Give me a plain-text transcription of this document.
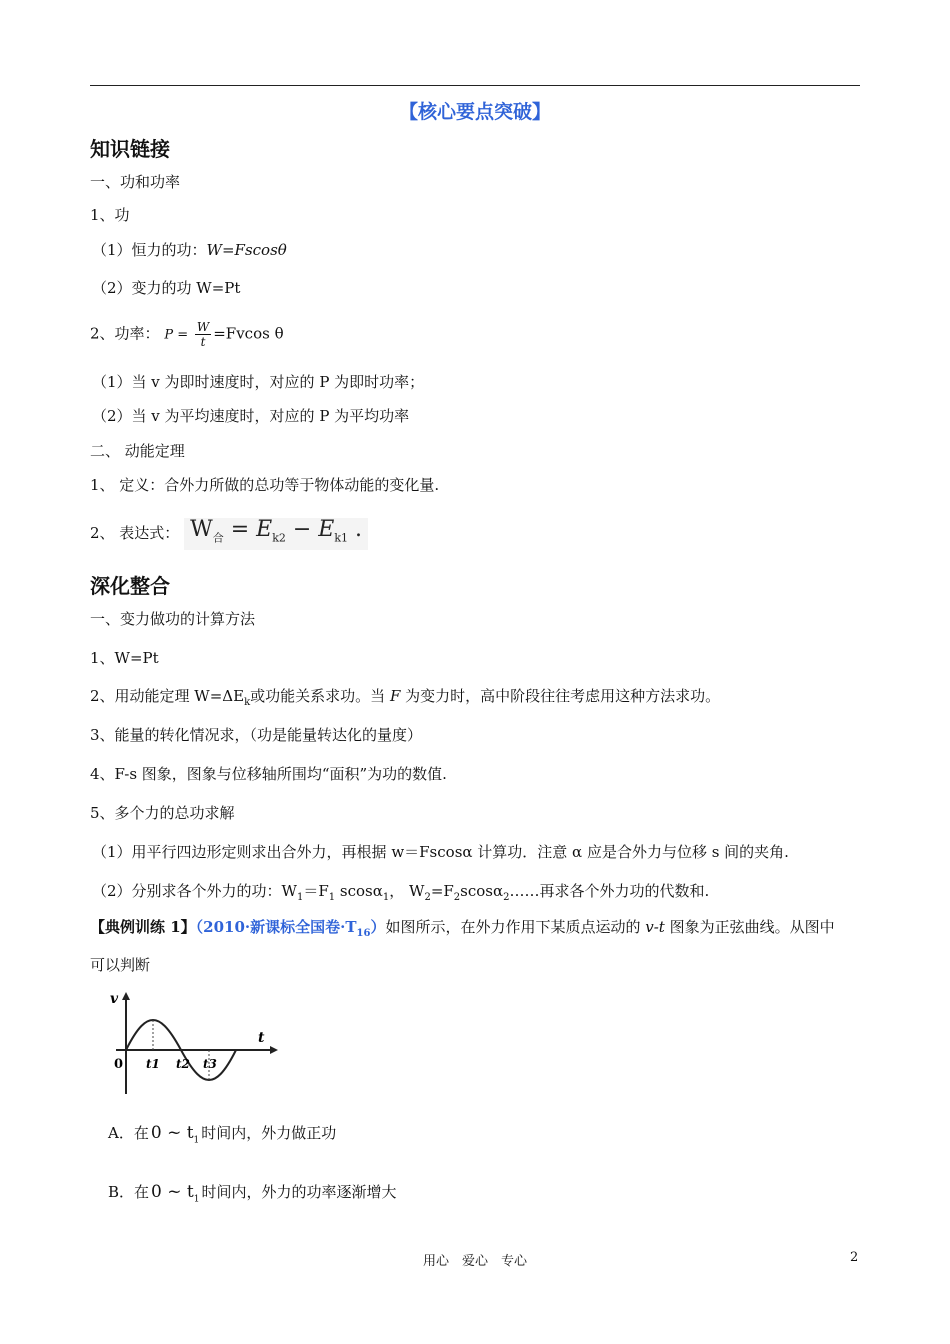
【核心要点突破】
知识链接
一、功和功率
1、功
（1）恒力的功：W=Fscosθ
（2）变力的功 W=Pt
2、功率： $P = \frac{W}{t} =Fvcos$ θ
（1）当 v 为即时速度时，对应的 P 为即时功率；
（2）当 v 为平均速度时，对应的 P 为平均功率
二、 动能定理
1、 定义：合外力所做的总功等于物体动能的变化量.
2、 表达式： $W_合 = E_{k2} - E_{k1}$ .
深化整合
一、变力做功的计算方法
1、W=Pt
2、用动能定理 $W=\Delta E_k$或功能关系求功。当 F 为变力时，高中阶段往往考虑用这种方法求功。
3、能量的转化情况求，（功是能量转达化的量度）
4、F-s 图象，图象与位移轴所围均“面积”为功的数值.
5、多个力的总功求解
（1）用平行四边形定则求出合外力，再根据 w＝Fscosα 计算功．注意 α 应是合外力与位移 s 间的夹角.
（2）分别求各个外力的功：$W_1=F_1$ scosα$_1$， $W_2=F_2scos\alpha_2\dots\dots$再求各个外力功的代数和.
【典例训练 1】（2010·新课标全国卷$\cdot T_{16}$）如图所示，在外力作用下某质点运动的 v-t 图象为正弦曲线。从图中
可以判断
v
0 t1 t2 t3
t
A．在 0 ~ $t_1$ 时间内，外力做正功
B．在 0 ~ $t_1$ 时间内，外力的功率逐渐增大
用心　爱心　专心	2
